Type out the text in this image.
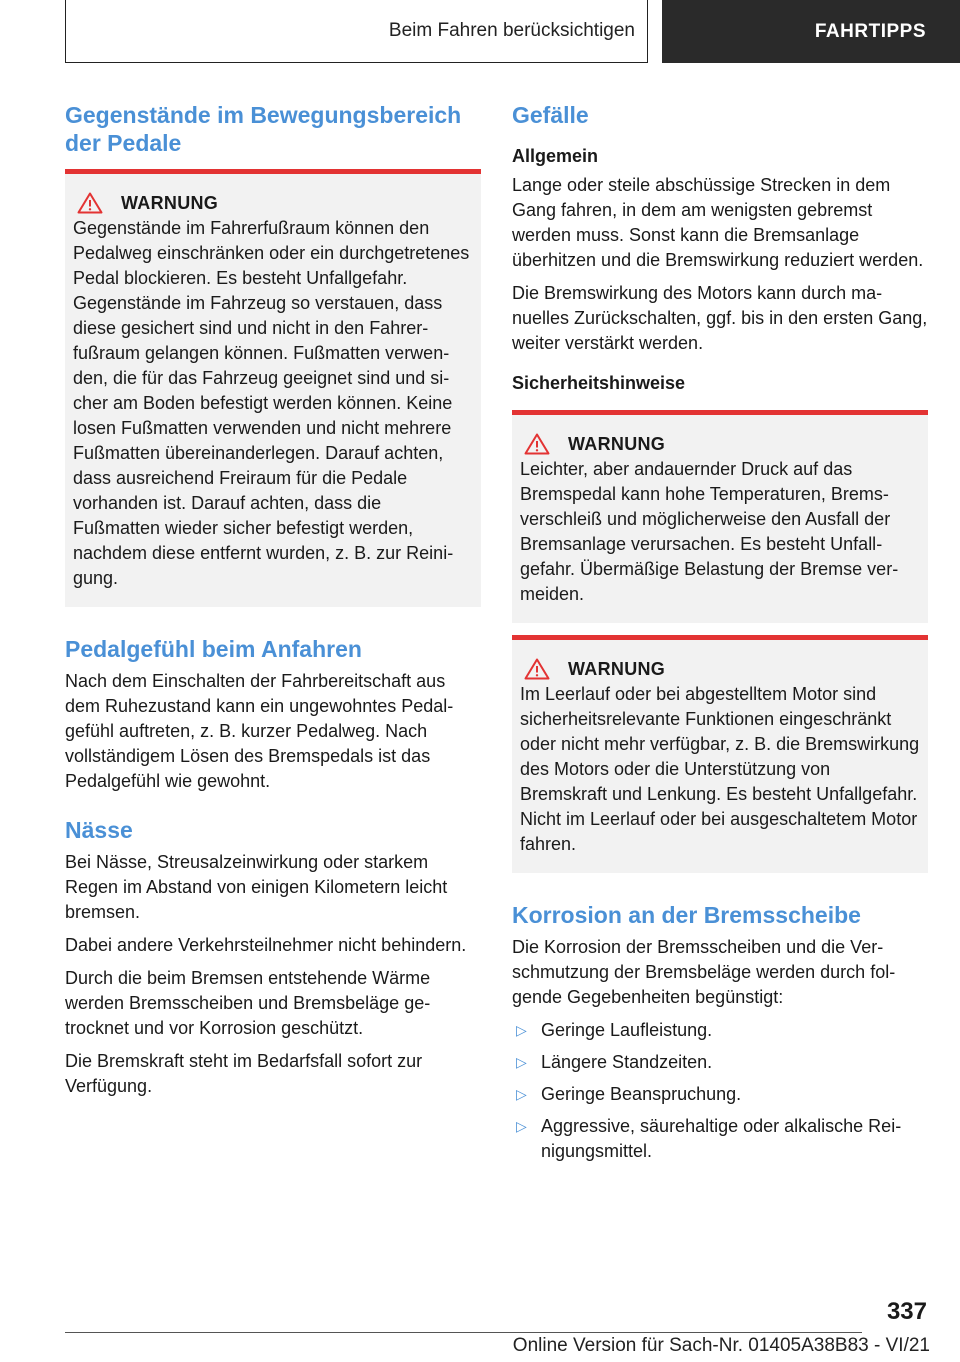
Beim Fahren berücksichtigen	FAHRTIPPS
Gegenstände im Bewegungsbereich der Pedale
WARNUNG

Gegenstände im Fahrerfußraum können den Pedalweg einschränken oder ein durchgetretenes Pedal blockieren. Es besteht Unfallgefahr. Gegenstände im Fahrzeug so verstauen, dass diese gesichert sind und nicht in den Fahrerfußraum gelangen können. Fußmatten verwenden, die für das Fahrzeug geeignet sind und sicher am Boden befestigt werden können. Keine losen Fußmatten verwenden und nicht mehrere Fußmatten übereinanderlegen. Darauf achten, dass ausreichend Freiraum für die Pedale vorhanden ist. Darauf achten, dass die Fußmatten wieder sicher befestigt werden, nachdem diese entfernt wurden, z. B. zur Reinigung.

Pedalgefühl beim Anfahren

Nach dem Einschalten der Fahrbereitschaft aus dem Ruhezustand kann ein ungewohntes Pedalgefühl auftreten, z. B. kurzer Pedalweg. Nach vollständigem Lösen des Bremspedals ist das Pedalgefühl wie gewohnt.

Nässe

Bei Nässe, Streusalzeinwirkung oder starkem Regen im Abstand von einigen Kilometern leicht bremsen.

Dabei andere Verkehrsteilnehmer nicht behindern.

Durch die beim Bremsen entstehende Wärme werden Bremsscheiben und Bremsbeläge getrocknet und vor Korrosion geschützt.

Die Bremskraft steht im Bedarfsfall sofort zur Verfügung.

Gefälle
Allgemein

Lange oder steile abschüssige Strecken in dem Gang fahren, in dem am wenigsten gebremst werden muss. Sonst kann die Bremsanlage überhitzen und die Bremswirkung reduziert werden.

Die Bremswirkung des Motors kann durch manuelles Zurückschalten, ggf. bis in den ersten Gang, weiter verstärkt werden.

Sicherheitshinweise
WARNUNG

Leichter, aber andauernder Druck auf das Bremspedal kann hohe Temperaturen, Bremsverschleiß und möglicherweise den Ausfall der Bremsanlage verursachen. Es besteht Unfallgefahr. Übermäßige Belastung der Bremse vermeiden.

WARNUNG

Im Leerlauf oder bei abgestelltem Motor sind sicherheitsrelevante Funktionen eingeschränkt oder nicht mehr verfügbar, z. B. die Bremswirkung des Motors oder die Unterstützung von Bremskraft und Lenkung. Es besteht Unfallgefahr. Nicht im Leerlauf oder bei ausgeschaltetem Motor fahren.

Korrosion an der Bremsscheibe

Die Korrosion der Bremsscheiben und die Verschmutzung der Bremsbeläge werden durch folgende Gegebenheiten begünstigt:

▷ Geringe Laufleistung.
▷ Längere Standzeiten.
▷ Geringe Beanspruchung.
▷ Aggressive, säurehaltige oder alkalische Reinigungsmittel.
337
Online Version für Sach-Nr. 01405A38B83 - VI/21
